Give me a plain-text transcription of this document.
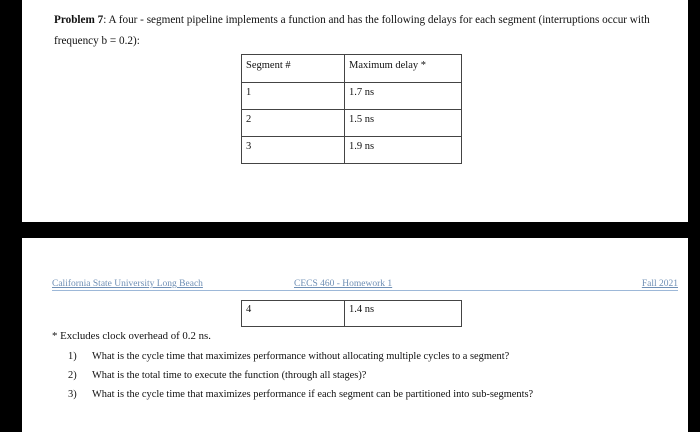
Problem 7: A four - segment pipeline implements a function and has the following delays for each segment (interruptions occur with frequency b = 0.2):
Segment #	Maximum delay *
1	1.7 ns
2	1.5 ns
3	1.9 ns
California State University Long Beach	CECS 460 - Homework 1	Fall 2021
4	1.4 ns
* Excludes clock overhead of 0.2 ns.
1) What is the cycle time that maximizes performance without allocating multiple cycles to a segment?
2) What is the total time to execute the function (through all stages)?
3) What is the cycle time that maximizes performance if each segment can be partitioned into sub-segments?
